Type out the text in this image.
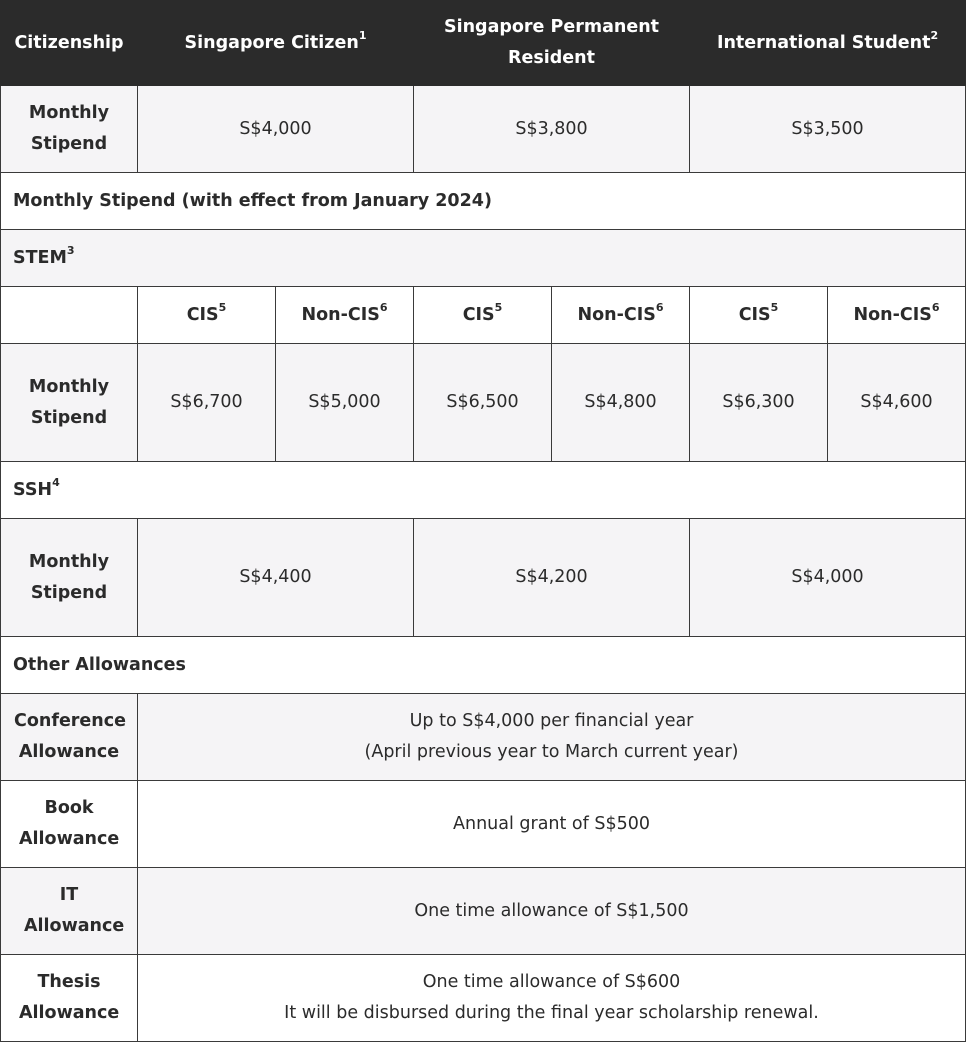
Citizenship	Singapore Citizen$^1$		Singapore Permanent Resident		International Student$^2$
Monthly Stipend	S$4,000		S$3,800		S$3,500	
Monthly Stipend (with effect from January 2024)						
STEM$^3$
	CIS$^5$	Non-CIS$^6$	CIS$^5$	Non-CIS$^6$	CIS$^5$	Non-CIS$^6$
Monthly Stipend	S$6,700	S$5,000	S$6,500	S$4,800	S$6,300	S$4,600
SSH$^4$
Monthly Stipend	S$4,400		S$4,200		S$4,000	
Other Allowances						
Conference Allowance	Up to S$4,000 per financial year
(April previous year to March current year)					

Book Allowance	Annual grant of S$500					
IT Allowance	One time allowance of S$1,500					
Thesis Allowance	One time allowance of S$600
It will be disbursed during the final year scholarship renewal.					
